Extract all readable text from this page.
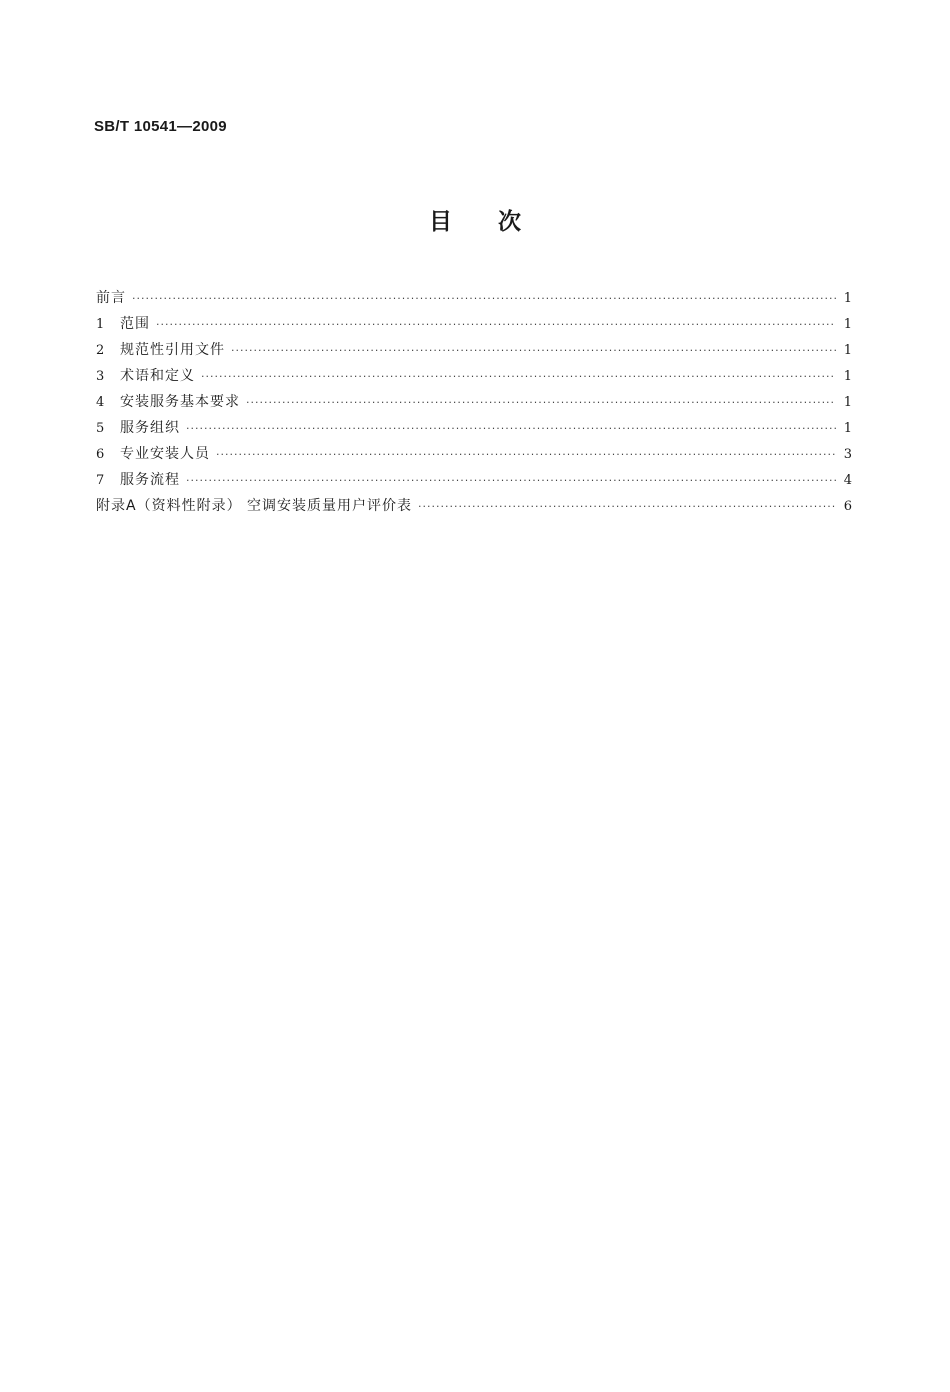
SB/T 10541—2009
目次
前言 ·····	1
1	范围 ·····	1
2	规范性引用文件 ·····	1
3	术语和定义 ·····	1
4	安装服务基本要求 ·····	1
5	服务组织 ·····	1
6	专业安装人员 ·····	3
7	服务流程 ·····	4
附录A（资料性附录） 空调安装质量用户评价表 ·····	6
